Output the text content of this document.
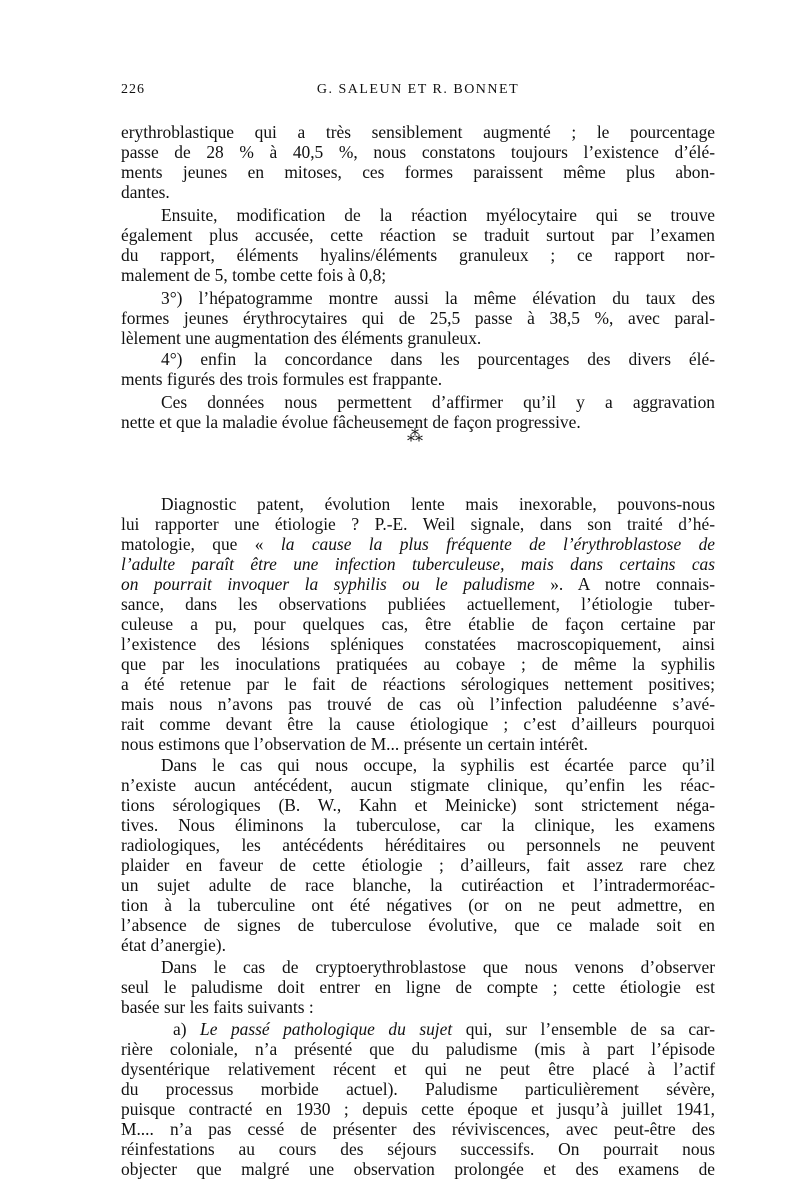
226	G. SALEUN ET R. BONNET
erythroblastique qui a très sensiblement augmenté ; le pourcentage
passe de 28 % à 40,5 %, nous constatons toujours l’existence d’élé-
ments jeunes en mitoses, ces formes paraissent même plus abon-
dantes.
Ensuite, modification de la réaction myélocytaire qui se trouve
également plus accusée, cette réaction se traduit surtout par l’examen
du rapport, éléments hyalins/éléments granuleux ; ce rapport nor-
malement de 5, tombe cette fois à 0,8;
3°) l’hépatogramme montre aussi la même élévation du taux des
formes jeunes érythrocytaires qui de 25,5 passe à 38,5 %, avec paral-
lèlement une augmentation des éléments granuleux.
4°) enfin la concordance dans les pourcentages des divers élé-
ments figurés des trois formules est frappante.
Ces données nous permettent d’affirmer qu’il y a aggravation
nette et que la maladie évolue fâcheusement de façon progressive.
⁂
Diagnostic patent, évolution lente mais inexorable, pouvons-nous
lui rapporter une étiologie ? P.-E. Weil signale, dans son traité d’hé-
matologie, que « la cause la plus fréquente de l’érythroblastose de
l’adulte paraît être une infection tuberculeuse, mais dans certains cas
on pourrait invoquer la syphilis ou le paludisme ». A notre connais-
sance, dans les observations publiées actuellement, l’étiologie tuber-
culeuse a pu, pour quelques cas, être établie de façon certaine par
l’existence des lésions spléniques constatées macroscopiquement, ainsi
que par les inoculations pratiquées au cobaye ; de même la syphilis
a été retenue par le fait de réactions sérologiques nettement positives;
mais nous n’avons pas trouvé de cas où l’infection paludéenne s’avé-
rait comme devant être la cause étiologique ; c’est d’ailleurs pourquoi
nous estimons que l’observation de M... présente un certain intérêt.
Dans le cas qui nous occupe, la syphilis est écartée parce qu’il
n’existe aucun antécédent, aucun stigmate clinique, qu’enfin les réac-
tions sérologiques (B. W., Kahn et Meinicke) sont strictement néga-
tives. Nous éliminons la tuberculose, car la clinique, les examens
radiologiques, les antécédents héréditaires ou personnels ne peuvent
plaider en faveur de cette étiologie ; d’ailleurs, fait assez rare chez
un sujet adulte de race blanche, la cutiréaction et l’intradermoréac-
tion à la tuberculine ont été négatives (or on ne peut admettre, en
l’absence de signes de tuberculose évolutive, que ce malade soit en
état d’anergie).
Dans le cas de cryptoerythroblastose que nous venons d’observer
seul le paludisme doit entrer en ligne de compte ; cette étiologie est
basée sur les faits suivants :
a) Le passé pathologique du sujet qui, sur l’ensemble de sa car-
rière coloniale, n’a présenté que du paludisme (mis à part l’épisode
dysentérique relativement récent et qui ne peut être placé à l’actif
du processus morbide actuel). Paludisme particulièrement sévère,
puisque contracté en 1930 ; depuis cette époque et jusqu’à juillet 1941,
M.... n’a pas cessé de présenter des réviviscences, avec peut-être des
réinfestations au cours des séjours successifs. On pourrait nous
objecter que malgré une observation prolongée et des examens de
